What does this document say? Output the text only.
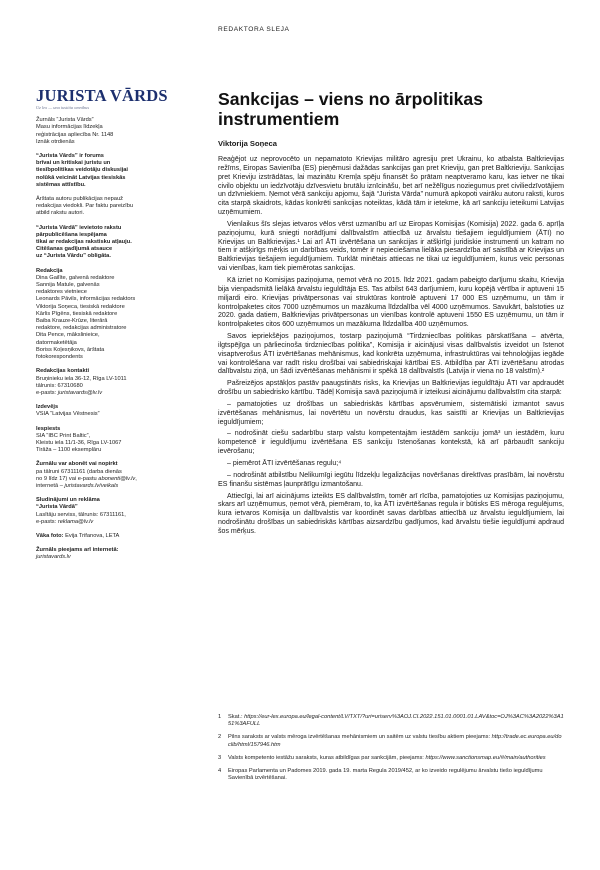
REDAKTORA SLEJA
JURISTA VĀRDS
Uz lex — una iustitia omnibus
Žurnāls “Jurista Vārds”
Masu informācijas līdzekļa
reģistrācijas apliecība Nr. 1148
Iznāk otrdienās
“Jurista Vārds” ir forums
brīvai un kritiskai juristu un
tiesībpolitikas veidotāju diskusijai
nolūkā veicināt Latvijas tiesiskās
sistēmas attīstību.
Ārštata autoru publikācijas nepauž
redakcijas viedokli. Par faktu pareizību
atbild rakstu autori.
“Jurista Vārdā” ievietoto rakstu
pārpublicēšana iespējama
tikai ar redakcijas rakstisku atļauju.
Citēšanas gadījumā atsauce
uz “Jurista Vārdu” obligāta.
Redakcija
Dina Gailīte, galvenā redaktore
Sannija Matule, galvenās
redaktores vietniece
Leonards Pāvils, informācijas redaktors
Viktorija Soņeca, tiesiskā redaktore
Kārlis Pīgēns, tiesiskā redaktore
Baiba Krauze-Krūze, literārā
redaktore, redakcijas administratore
Dita Pence, mākslinieice,
datormaketētāja
Boriss Koļesņikovs, ārštata
fotokorespondents
Redakcijas kontakti
Bruņinieku iela 36-12, Rīga LV-1011
tālrunis: 67310680
e-pasts: juristavards@lv.lv
Izdevējs
VSIA “Latvijas Vēstnesis”
Iespiests
SIA “IBC Print Baltic”,
Kleistu iela 11/1-36, Rīga LV-1067
Tirāža – 1100 eksemplāru
Žurnālu var abonēt vai nopirkt
pa tālruni 67311161 (darba dienās
no 9 līdz 17) vai e-pastu abonenti@lv.lv,
internetā – juristavards.lv/veikals
Sludinājumi un reklāma
“Jurista Vārdā”
Lasītāju serviss, tālrunis: 67311161,
e-pasts: reklama@lv.lv
Vāka foto: Evija Trifanova, LETA
Žurnāls pieejams arī internetā:
juristavards.lv
Sankcijas – viens no ārpolitikas
instrumentiem
Viktorija Soņeca

Reaģējot uz neprovocēto un nepamatoto Krievijas militāro agresiju pret Ukrainu, ko atbalsta Baltkrievijas režīms, Eiropas Savienība (ES) pieņēmusi dažādas sankcijas gan pret Krieviju, gan pret Baltkrieviju. Sankcijas pret Krieviju izstrādātas, lai mazinātu Kremļa spēju finansēt šo prātam neaptveramo karu, kas ietver ne tikai civilo objektu un iedzīvotāju dzīvesvietu brutālu iznīcināšu, bet arī nežēlīgus noziegumus pret civiliedzīvotājiem un dzīvniekiem. Ņemot vērā sankciju apjomu, šajā “Jurista Vārda” numurā apkopoti vairāku autoru raksti, kuros cita starpā skaidrots, kādas konkrēti sankcijas noteiktas, kādā tām ir ietekme, kā arī sankciju ieteikumi Latvijas uzņēmumiem.

Vienlaikus šīs slejas ietvaros vēlos vērst uzmanību arī uz Eiropas Komisijas (Komisija) 2022. gada 6. aprīļa paziņojumu, kurā sniegti norādījumi dalībvalstīm attiecībā uz ārvalstu tiešajiem ieguldījumiem (ĀTI) no Krievijas un Baltkrievijas.¹ Lai arī ĀTI izvērtēšana un sankcijas ir atšķirīgi juridiskie instrumenti un katram no tiem ir atšķirīgs mērķis un darbības veids, tomēr ir nepieciešama lielāka piesardzība arī saistībā ar Krievijas un Baltkrievijas tiešajiem ieguldījumiem. Turklāt minētais attiecas ne tikai uz ieguldījumiem, kurus veic personas vai vienības, kam tiek piemērotas sankcijas.

Kā izriet no Komisijas paziņojuma, ņemot vērā no 2015. līdz 2021. gadam pabeigto darījumu skaitu, Krievija bija vienpadsmitā lielākā ārvalstu ieguldītāja ES. Tas atbilst 643 darījumiem, kuru kopējā vērtība ir aptuveni 15 miljardi eiro. Krievijas privātpersonas vai struktūras kontrolē aptuveni 17 000 ES uzņēmumu, un tām ir kontrolpaketes citos 7000 uzņēmumos un mazākuma līdzdalība vēl 4000 uzņēmumos. Savukārt, balstoties uz 2020. gada datiem, Baltkrievijas privātpersonas un vienības kontrolē aptuveni 1550 ES uzņēmumu, un tām ir kontrolpaketes citos 600 uzņēmumos un mazākuma līdzdalība 400 uzņēmumos.

Savos iepriekšējos paziņojumos, tostarp paziņojumā “Tirdzniecības politikas pārskatīšana – atvērta, ilgtspējīga un pārliecinoša tirdzniecības politika”, Komisija ir aicinājusi visas dalībvalstis izveidot un īstenot visaptverošus ĀTI izvērtēšanas mehānismus, kad konkrēta uzņēmuma, infrastruktūras vai tehnoloģijas iegāde vai kontrolēšana var radīt risku drošībai vai sabiedriskajai kārtībai ES. Atbildība par ĀTI izvērtēšanu atrodas dalībvalstu ziņā, un šādi izvērtēšanas mehānismi ir spēkā 18 dalībvalstīs (Latvija ir viena no 18 valstīm).²

Pašreizējos apstākļos pastāv paaugstināts risks, ka Krievijas un Baltkrievijas ieguldītāju ĀTI var apdraudēt drošību un sabiedrisko kārtību. Tādēļ Komisija savā paziņojumā ir izteikusi aicinājumu dalībvalstīm cita starpā:

– pamatojoties uz drošības un sabiedriskās kārtības apsvērumiem, sistemātiski izmantot savus izvērtēšanas mehānismus, lai novērtētu un novērstu draudus, kas saistīti ar Krievijas un Baltkrievijas ieguldījumiem;

– nodrošināt ciešu sadarbību starp valstu kompetentajām iestādēm sankciju jomā³ un iestādēm, kuru kompetencē ir ieguldījumu izvērtēšana ES sankciju īstenošanas kontekstā, kā arī pārbaudīt sankciju ievērošanu;

– piemērot ĀTI izvērtēšanas regulu;⁴

– nodrošināt atbilstību Nelikumīgi iegūtu līdzekļu legalizācijas novēršanas direktīvas prasībām, lai novērstu ES finanšu sistēmas ļaunprātīgu izmantošanu.

Attiecīgi, lai arī aicinājums izteikts ES dalībvalstīm, tomēr arī rīcība, pamatojoties uz Komisijas paziņojumu, skars arī uzņēmumus, ņemot vērā, piemēram, to, ka ĀTI izvērtēšanas regula ir būtisks ES mēroga regulējums, kura ietvaros Komisija un dalībvalstis var koordinēt savas darbības attiecībā uz ārvalstu ieguldījumiem, lai nodrošinātu drošības un sabiedriskās kārtības aizsardzību gadījumos, kad ārvalstu tiešie ieguldījumi apdraud šos mērķus.

1	Skat.: https://eur-lex.europa.eu/legal-content/LV/TXT/?uri=uriserv%3AOJ.CI.2022.151.01.0001.01.LAV&toc=OJ%3AC%3A2022%3A151%3AFULL
2	Pilns saraksts ar valsts mēroga izvērtēšanas mehānismiem un saitēm uz valstu tiesību aktiem pieejams: http://trade.ec.europa.eu/doclib/html/157946.htm
3	Valsts kompetento iestāžu saraksts, kuras atbildīgas par sankcijām, pieejams: https://www.sanctionsmap.eu/#/main/authorities
4	Eiropas Parlamenta un Padomes 2019. gada 19. marta Regula 2019/452, ar ko izveido regulējumu ārvalstu tiešo ieguldījumu Savienībā izvērtēšanai.
